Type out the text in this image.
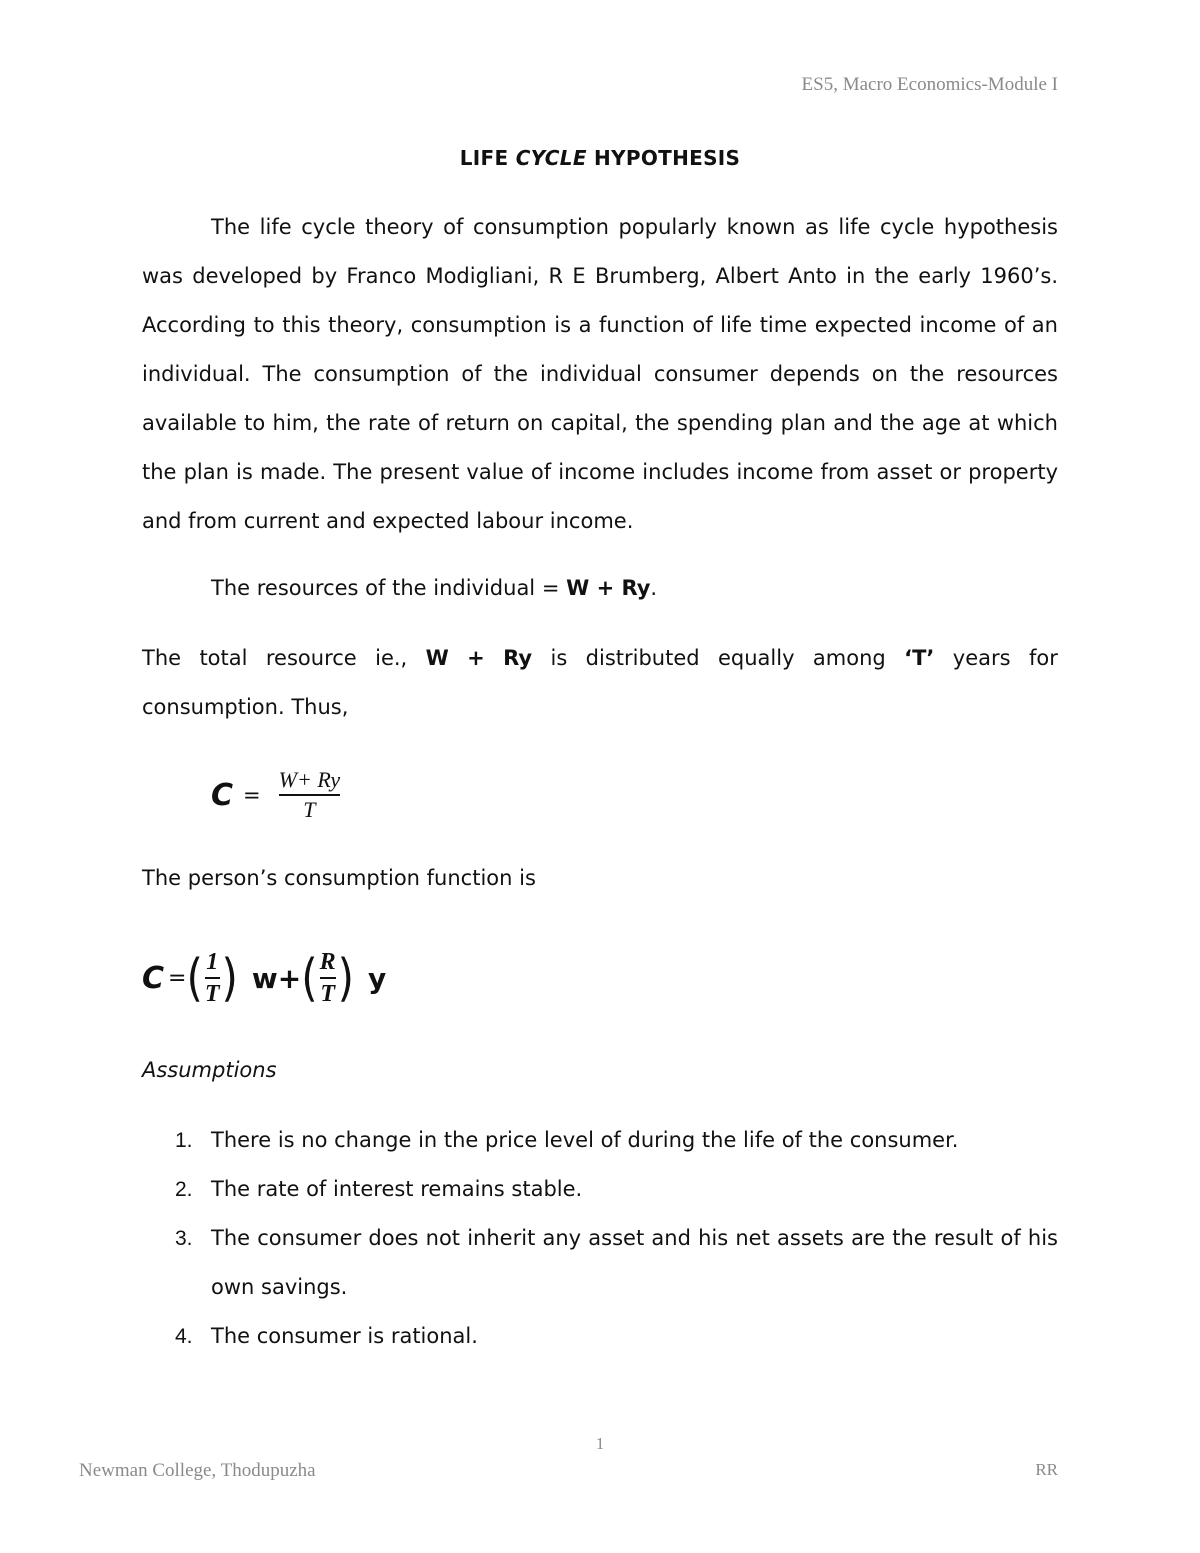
ES5, Macro Economics-Module I
LIFE CYCLE HYPOTHESIS

The life cycle theory of consumption popularly known as life cycle hypothesis was developed by Franco Modigliani, R E Brumberg, Albert Anto in the early 1960’s. According to this theory, consumption is a function of life time expected income of an individual. The consumption of the individual consumer depends on the resources available to him, the rate of return on capital, the spending plan and the age at which the plan is made. The present value of income includes income from asset or property and from current and expected labour income.

The resources of the individual = W + Ry.
The total resource ie., W + Ry is distributed equally among ‘T’ years for
consumption. Thus,
$C = \frac{W+ Ry}{T}$
The person’s consumption function is
C = ( $\frac{1}{T}$ ) w+ ( $\frac{R}{T}$ ) y
Assumptions
1. There is no change in the price level of during the life of the consumer.
2. The rate of interest remains stable.
3. The consumer does not inherit any asset and his net assets are the result of his own savings.
4. The consumer is rational.
1
Newman College, Thodupuzha	RR
